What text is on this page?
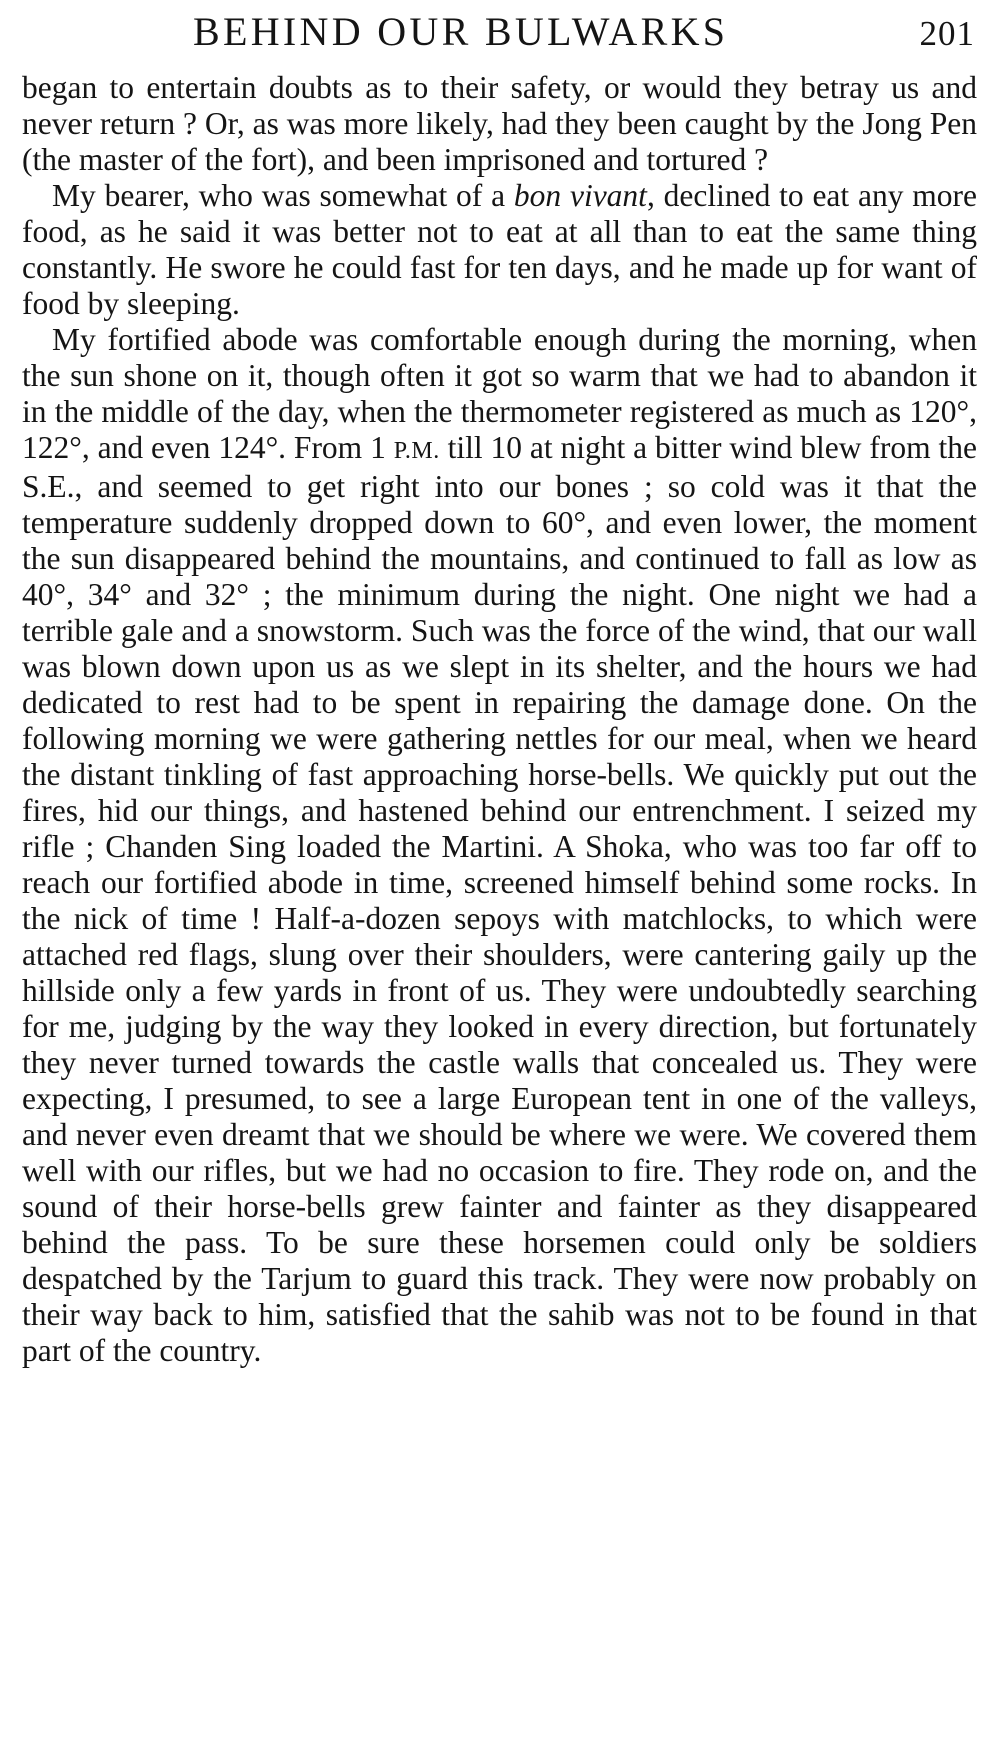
BEHIND OUR BULWARKS	201

began to entertain doubts as to their safety, or would they betray us and never return ? Or, as was more likely, had they been caught by the Jong Pen (the master of the fort), and been imprisoned and tortured ?

My bearer, who was somewhat of a bon vivant, declined to eat any more food, as he said it was better not to eat at all than to eat the same thing constantly. He swore he could fast for ten days, and he made up for want of food by sleeping.

My fortified abode was comfortable enough during the morning, when the sun shone on it, though often it got so warm that we had to abandon it in the middle of the day, when the thermometer registered as much as 120°, 122°, and even 124°. From 1 P.M. till 10 at night a bitter wind blew from the S.E., and seemed to get right into our bones ; so cold was it that the temperature suddenly dropped down to 60°, and even lower, the moment the sun disappeared behind the mountains, and continued to fall as low as 40°, 34° and 32° ; the minimum during the night. One night we had a terrible gale and a snowstorm. Such was the force of the wind, that our wall was blown down upon us as we slept in its shelter, and the hours we had dedicated to rest had to be spent in repairing the damage done. On the following morning we were gathering nettles for our meal, when we heard the distant tinkling of fast approaching horse-bells. We quickly put out the fires, hid our things, and hastened behind our entrenchment. I seized my rifle ; Chanden Sing loaded the Martini. A Shoka, who was too far off to reach our fortified abode in time, screened himself behind some rocks. In the nick of time ! Half-a-dozen sepoys with matchlocks, to which were attached red flags, slung over their shoulders, were cantering gaily up the hillside only a few yards in front of us. They were undoubtedly searching for me, judging by the way they looked in every direction, but fortunately they never turned towards the castle walls that concealed us. They were expecting, I presumed, to see a large European tent in one of the valleys, and never even dreamt that we should be where we were. We covered them well with our rifles, but we had no occasion to fire. They rode on, and the sound of their horse-bells grew fainter and fainter as they disappeared behind the pass. To be sure these horsemen could only be soldiers despatched by the Tarjum to guard this track. They were now probably on their way back to him, satisfied that the sahib was not to be found in that part of the country.
